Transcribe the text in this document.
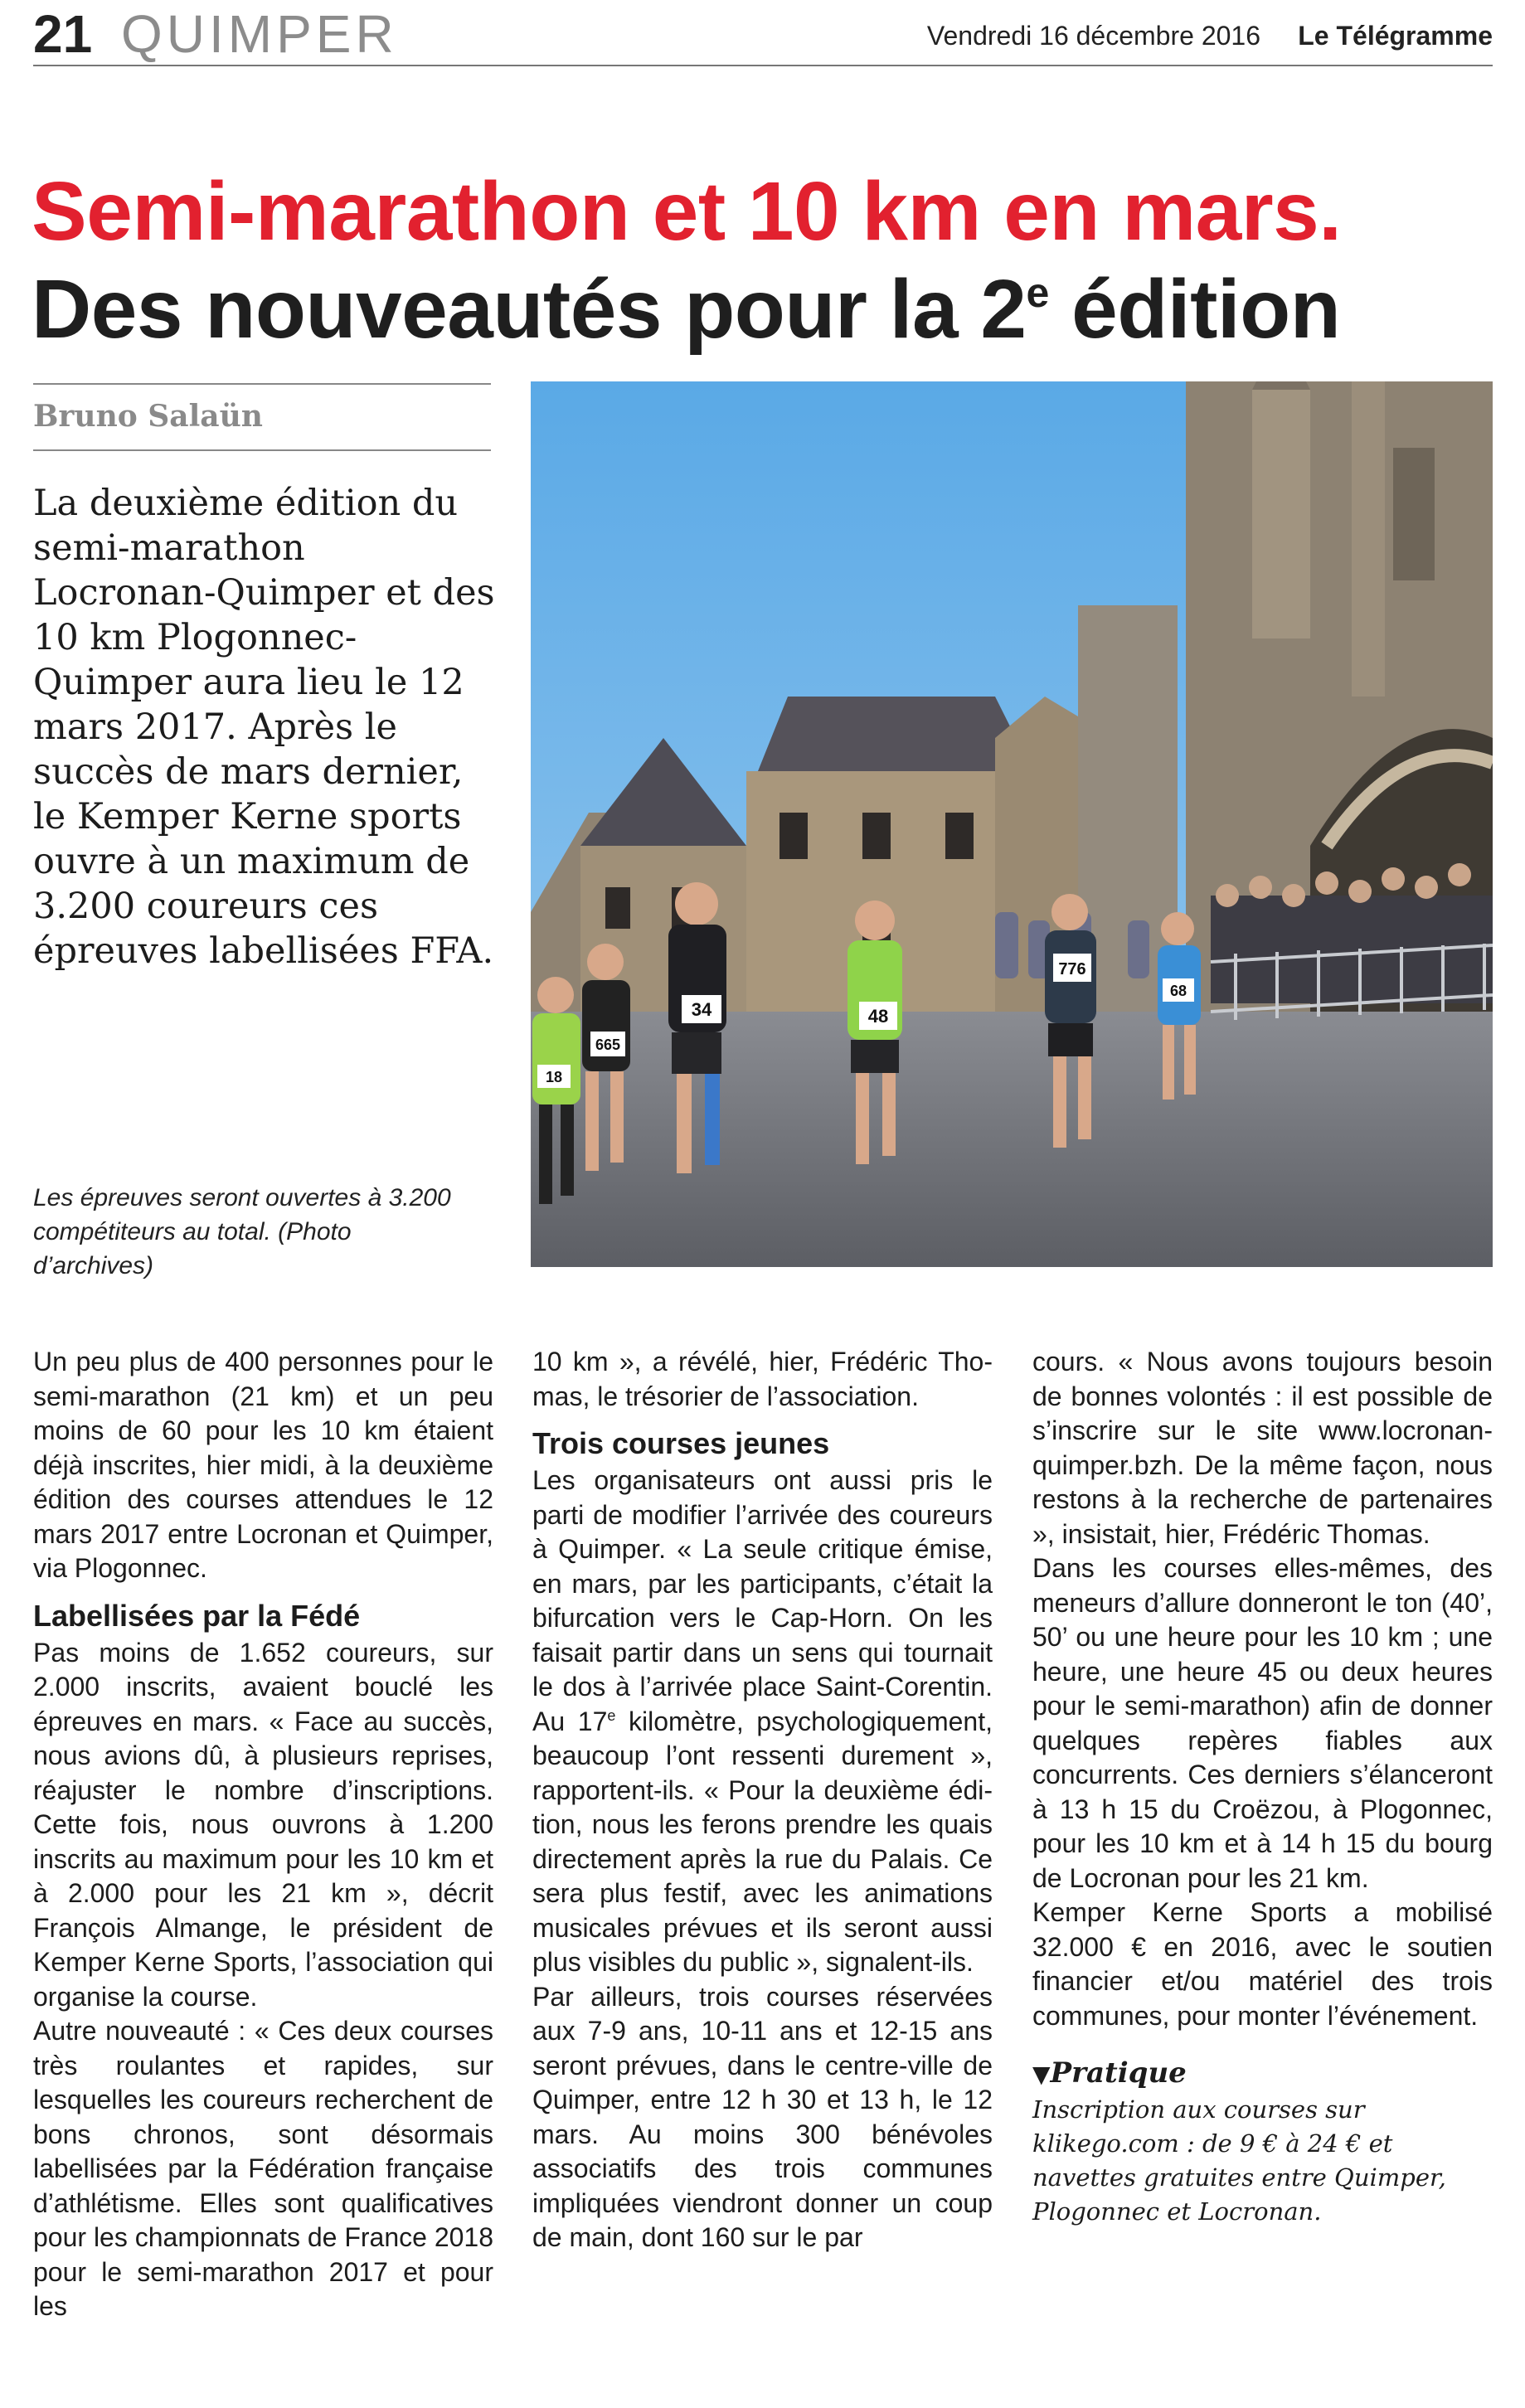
21 QUIMPER	Vendredi 16 décembre 2016 Le Télégramme
Semi-marathon et 10 km en mars.
Des nouveautés pour la 2e édition
Bruno Salaün

La deuxième édition du semi-marathon Locronan-Quimper et des 10 km Plogonnec-Quimper aura lieu le 12 mars 2017. Après le succès de mars dernier, le Kemper Kerne sports ouvre à un maximum de 3.200 coureurs ces épreuves labellisées FFA.

Les épreuves seront ouvertes à 3.200 compétiteurs au total. (Photo d’archives)

34	48
776
665
18
68

Un peu plus de 400 personnes pour le semi-marathon (21 km) et un peu moins de 60 pour les 10 km étaient déjà inscrites, hier midi, à la deuxième édition des courses attendues le 12 mars 2017 entre Locronan et Quimper, via Plogonnec.

Labellisées par la Fédé

Pas moins de 1.652 coureurs, sur 2.000 inscrits, avaient bouclé les épreuves en mars. « Face au succès, nous avions dû, à plusieurs reprises, réajuster le nombre d’inscriptions. Cette fois, nous ouvrons à 1.200 inscrits au maximum pour les 10 km et à 2.000 pour les 21 km », décrit François Almange, le président de Kemper Kerne Sports, l’association qui organise la course.

Autre nouveauté : « Ces deux courses très roulantes et rapides, sur lesquelles les coureurs recherchent de bons chronos, sont désormais labellisées par la Fédération française d’athlétisme. Elles sont qualificatives pour les championnats de France 2018 pour le semi-marathon 2017 et pour les

10 km », a révélé, hier, Frédéric Thomas, le trésorier de l’association.

Trois courses jeunes

Les organisateurs ont aussi pris le parti de modifier l’arrivée des coureurs à Quimper. « La seule critique émise, en mars, par les participants, c’était la bifurcation vers le Cap-Horn. On les faisait partir dans un sens qui tournait le dos à l’arrivée place Saint-Corentin. Au 17e kilomètre, psychologiquement, beaucoup l’ont ressenti durement », rapportent-ils. « Pour la deuxième édition, nous les ferons prendre les quais directement après la rue du Palais. Ce sera plus festif, avec les animations musicales prévues et ils seront aussi plus visibles du public », signalent-ils.

Par ailleurs, trois courses réservées aux 7-9 ans, 10-11 ans et 12-15 ans seront prévues, dans le centre-ville de Quimper, entre 12 h 30 et 13 h, le 12 mars. Au moins 300 bénévoles associatifs des trois communes impliquées viendront donner un coup de main, dont 160 sur le par

cours. « Nous avons toujours besoin de bonnes volontés : il est possible de s’inscrire sur le site www.locronan-quimper.bzh. De la même façon, nous restons à la recherche de partenaires », insistait, hier, Frédéric Thomas.

Dans les courses elles-mêmes, des meneurs d’allure donneront le ton (40’, 50’ ou une heure pour les 10 km ; une heure, une heure 45 ou deux heures pour le semi-marathon) afin de donner quelques repères fiables aux concurrents. Ces derniers s’élanceront à 13 h 15 du Croëzou, à Plogonnec, pour les 10 km et à 14 h 15 du bourg de Locronan pour les 21 km.

Kemper Kerne Sports a mobilisé 32.000 € en 2016, avec le soutien financier et/ou matériel des trois communes, pour monter l’événement.

▼Pratique

Inscription aux courses sur klikego.com : de 9 € à 24 € et navettes gratuites entre Quimper, Plogonnec et Locronan.
